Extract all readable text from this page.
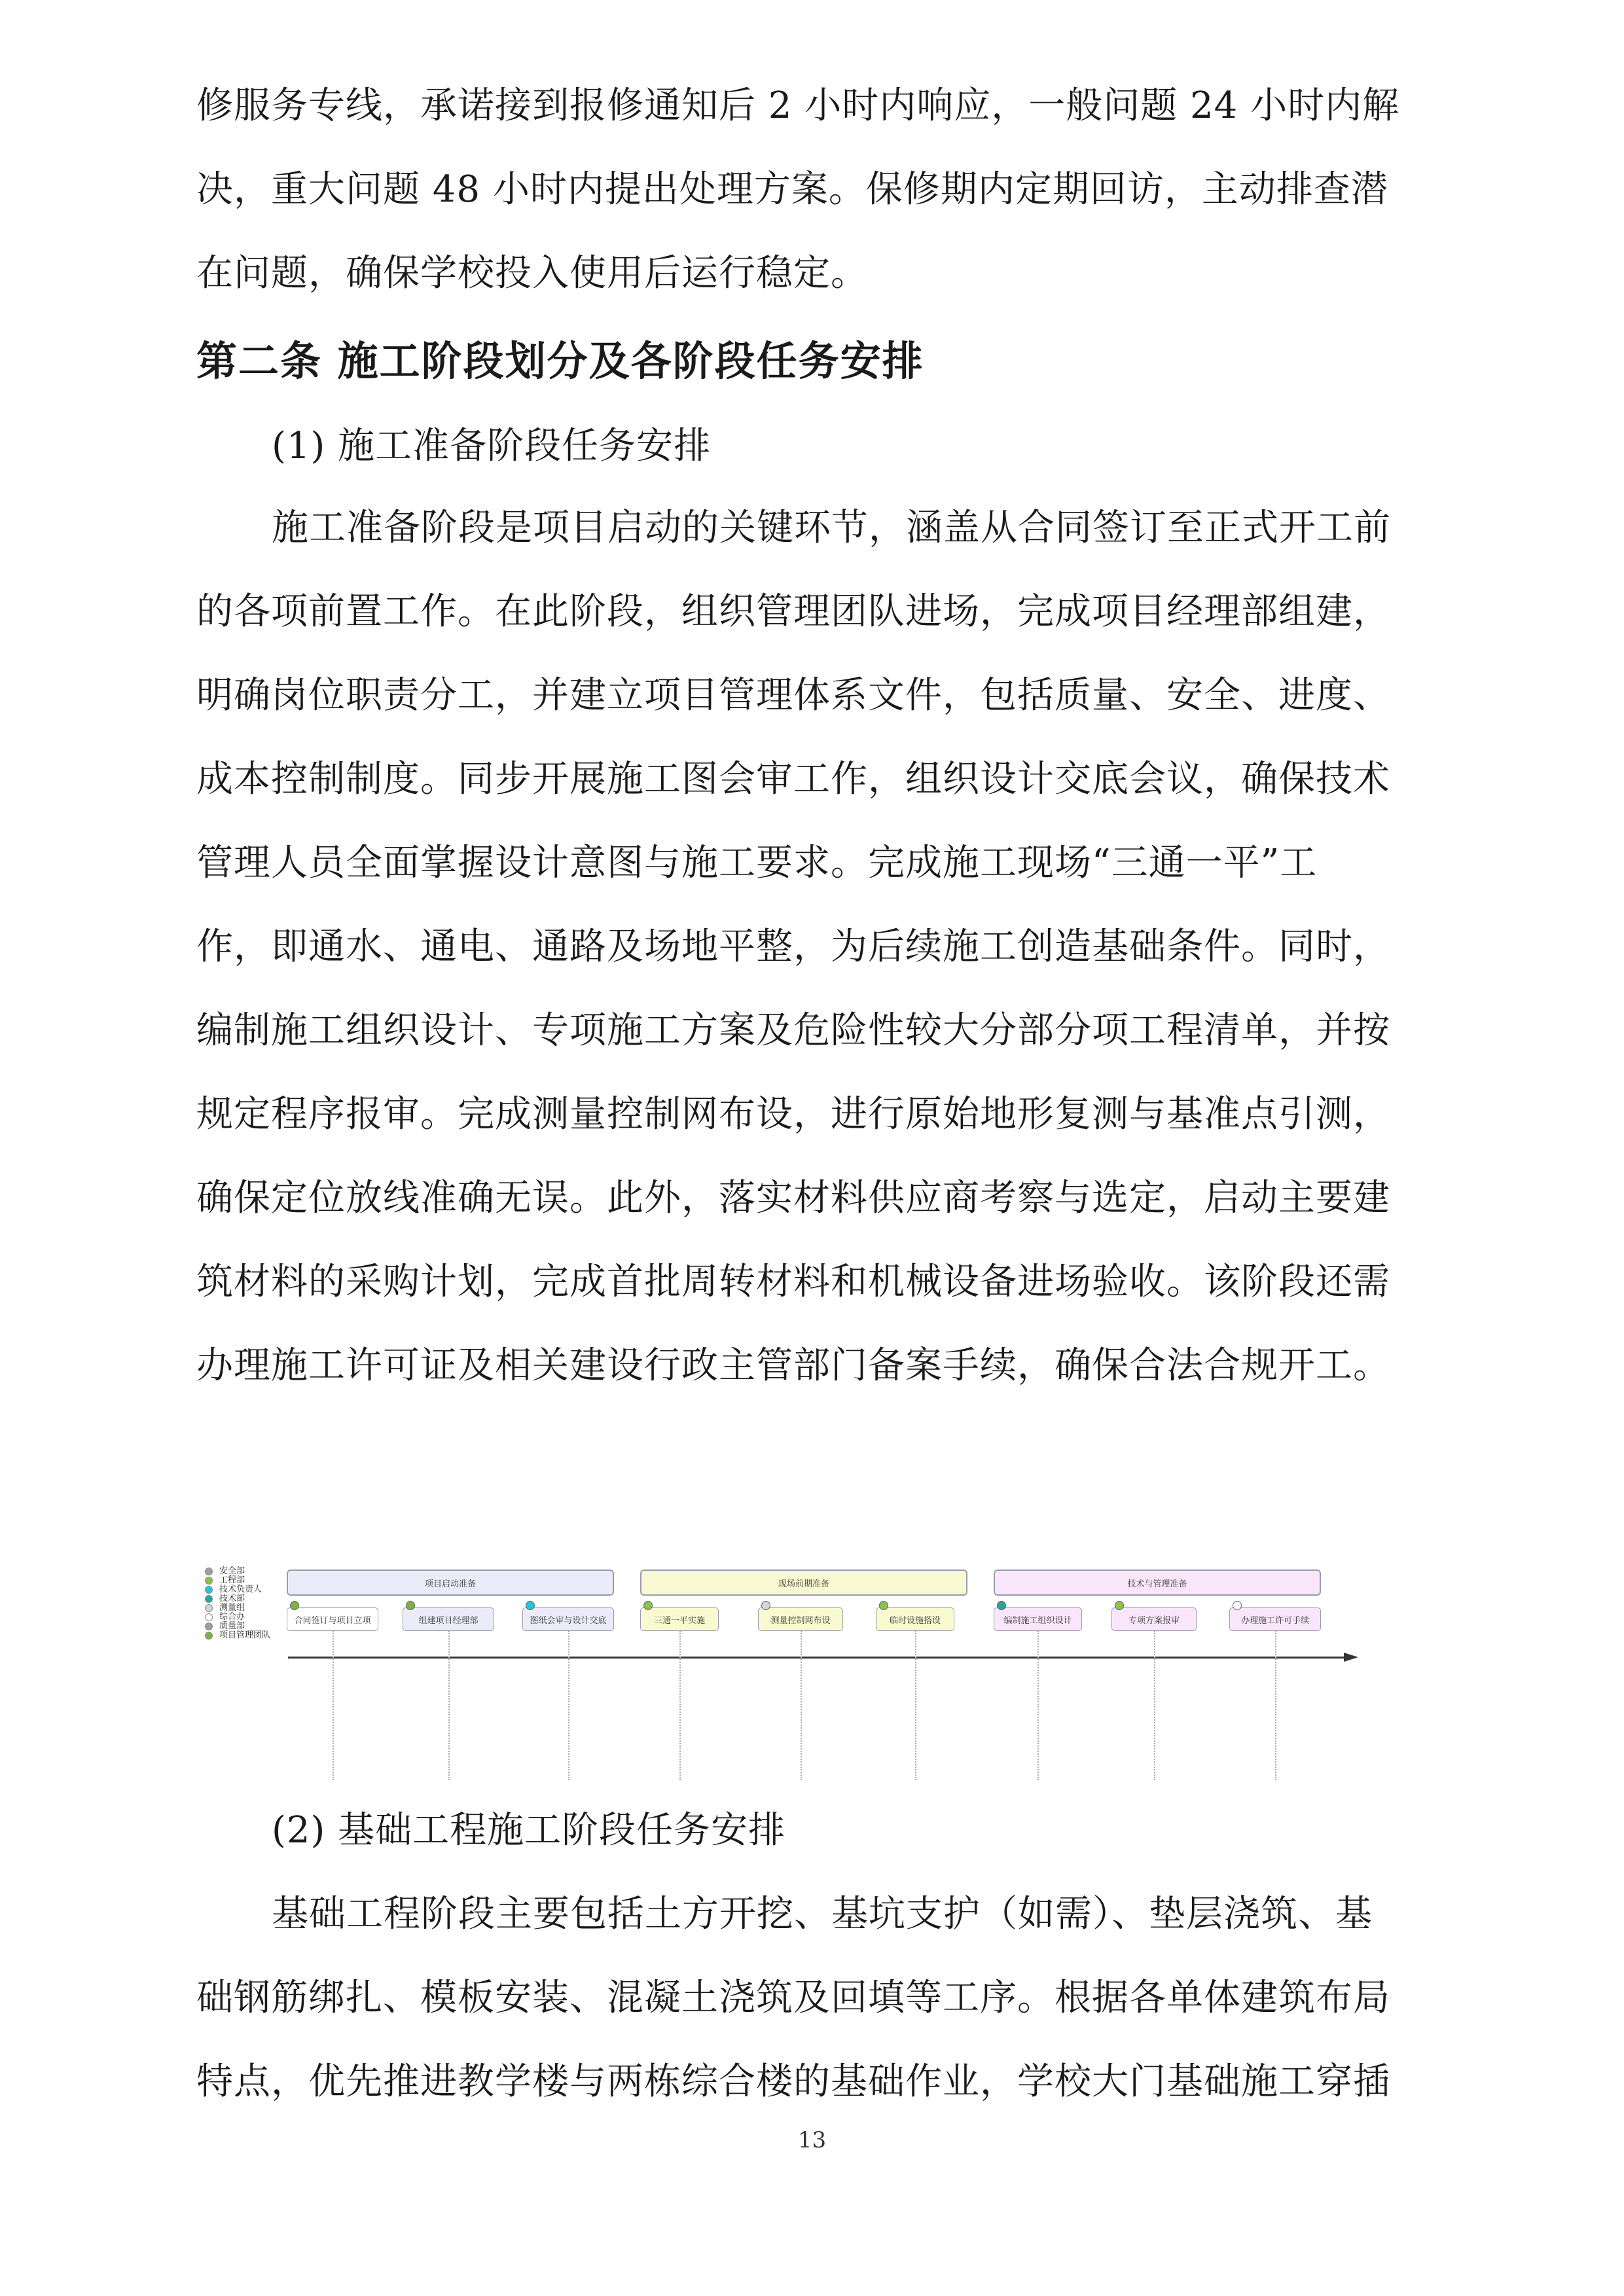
修服务专线，承诺接到报修通知后 2 小时内响应，一般问题 24 小时内解
决，重大问题 48 小时内提出处理方案。保修期内定期回访，主动排查潜
在问题，确保学校投入使用后运行稳定。
第二条 施工阶段划分及各阶段任务安排
(1) 施工准备阶段任务安排
施工准备阶段是项目启动的关键环节，涵盖从合同签订至正式开工前
的各项前置工作。在此阶段，组织管理团队进场，完成项目经理部组建，
明确岗位职责分工，并建立项目管理体系文件，包括质量、安全、进度、
成本控制制度。同步开展施工图会审工作，组织设计交底会议，确保技术
管理人员全面掌握设计意图与施工要求。完成施工现场“三通一平”工
作，即通水、通电、通路及场地平整，为后续施工创造基础条件。同时，
编制施工组织设计、专项施工方案及危险性较大分部分项工程清单，并按
规定程序报审。完成测量控制网布设，进行原始地形复测与基准点引测，
确保定位放线准确无误。此外，落实材料供应商考察与选定，启动主要建
筑材料的采购计划，完成首批周转材料和机械设备进场验收。该阶段还需
办理施工许可证及相关建设行政主管部门备案手续，确保合法合规开工。
安全部
工程部
技术负责人
技术部
测量组
综合办
质量部
项目管理团队
项目启动准备	现场前期准备	技术与管理准备
合同签订与项目立项	组建项目经理部	图纸会审与设计交底	三通一平实施	测量控制网布设	临时设施搭设	编制施工组织设计	专项方案报审	办理施工许可手续
(2) 基础工程施工阶段任务安排
基础工程阶段主要包括土方开挖、基坑支护（如需）、垫层浇筑、基
础钢筋绑扎、模板安装、混凝土浇筑及回填等工序。根据各单体建筑布局
特点，优先推进教学楼与两栋综合楼的基础作业，学校大门基础施工穿插
13
